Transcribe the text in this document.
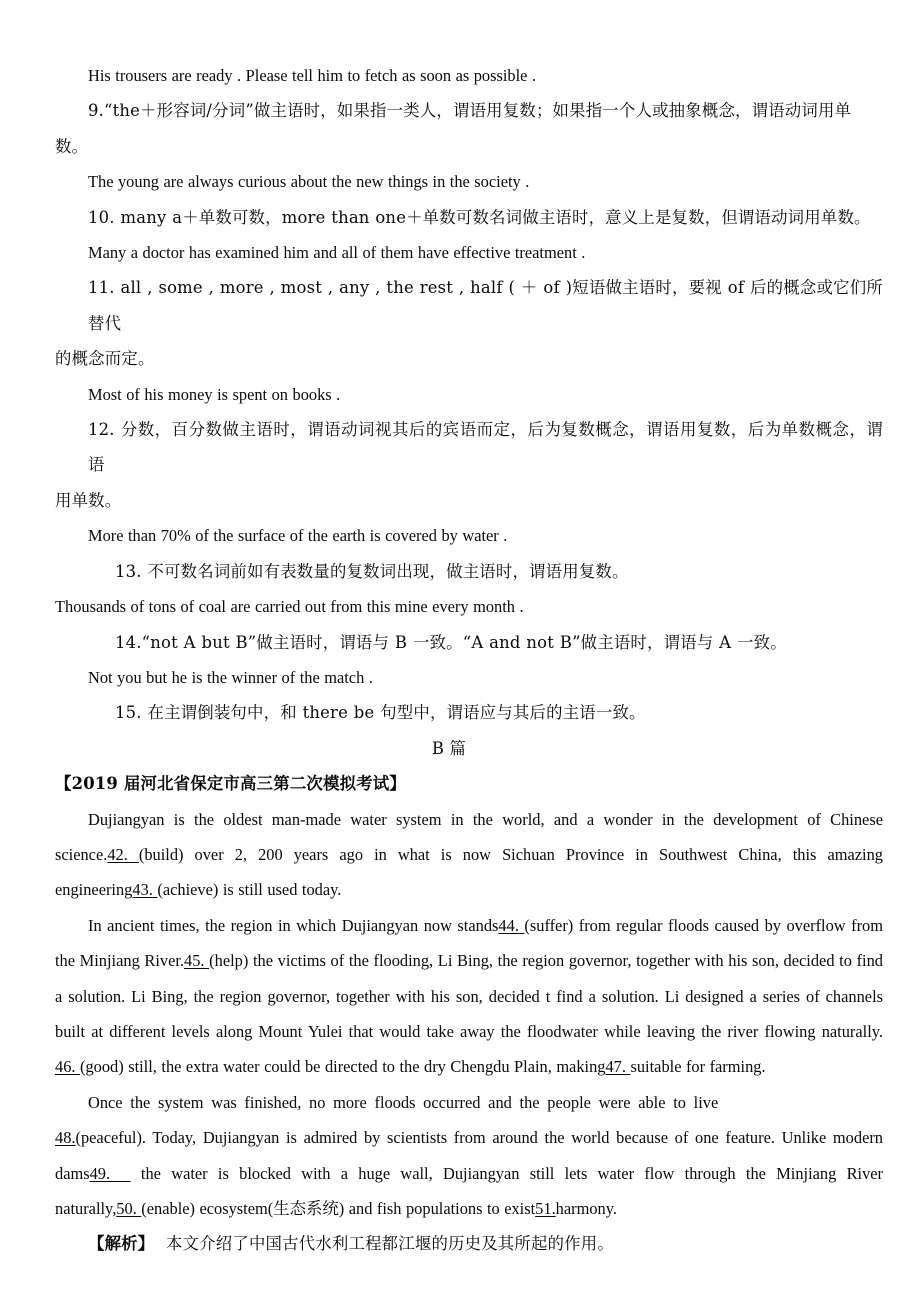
His trousers are ready . Please tell him to fetch as soon as possible .

9.“the＋形容词/分词”做主语时，如果指一类人，谓语用复数；如果指一个人或抽象概念，谓语动词用单

数。

The young are always curious about the new things in the society .

10. many a＋单数可数，more than one＋单数可数名词做主语时，意义上是复数，但谓语动词用单数。

Many a doctor has examined him and all of them have effective treatment .

11. all , some , more , most , any , the rest , half ( ＋ of )短语做主语时，要视 of 后的概念或它们所替代

的概念而定。

Most of his money is spent on books .

12. 分数，百分数做主语时，谓语动词视其后的宾语而定，后为复数概念，谓语用复数，后为单数概念，谓语

用单数。

More than 70% of the surface of the earth is covered by water .

13. 不可数名词前如有表数量的复数词出现，做主语时，谓语用复数。

Thousands of tons of coal are carried out from this mine every month .

14.“not A but B”做主语时，谓语与 B 一致。“A and not B”做主语时，谓语与 A 一致。

Not you but he is the winner of the match .

15. 在主谓倒装句中，和 there be 句型中，谓语应与其后的主语一致。

B 篇

【2019 届河北省保定市高三第二次模拟考试】

Dujiangyan is the oldest man-made water system in the world, and a wonder in the development of Chinese science.42. (build) over 2, 200 years ago in what is now Sichuan Province in Southwest China, this amazing engineering43. (achieve) is still used today.

In ancient times, the region in which Dujiangyan now stands44. (suffer) from regular floods caused by overflow from the Minjiang River.45. (help) the victims of the flooding, Li Bing, the region governor, together with his son, decided to find a solution. Li Bing, the region governor, together with his son, decided t find a solution. Li designed a series of channels built at different levels along Mount Yulei that would take away the floodwater while leaving the river flowing naturally. 46. (good) still, the extra water could be directed to the dry Chengdu Plain, making47. suitable for farming.

Once the system was finished, no more floods occurred and the people were able to live

48.(peaceful). Today, Dujiangyan is admired by scientists from around the world because of one feature. Unlike modern dams49.   the water is blocked with a huge wall, Dujiangyan still lets water flow through the Minjiang River naturally,50. (enable) ecosystem(生态系统) and fish populations to exist51.harmony.

【解析】 本文介绍了中国古代水利工程都江堰的历史及其所起的作用。
